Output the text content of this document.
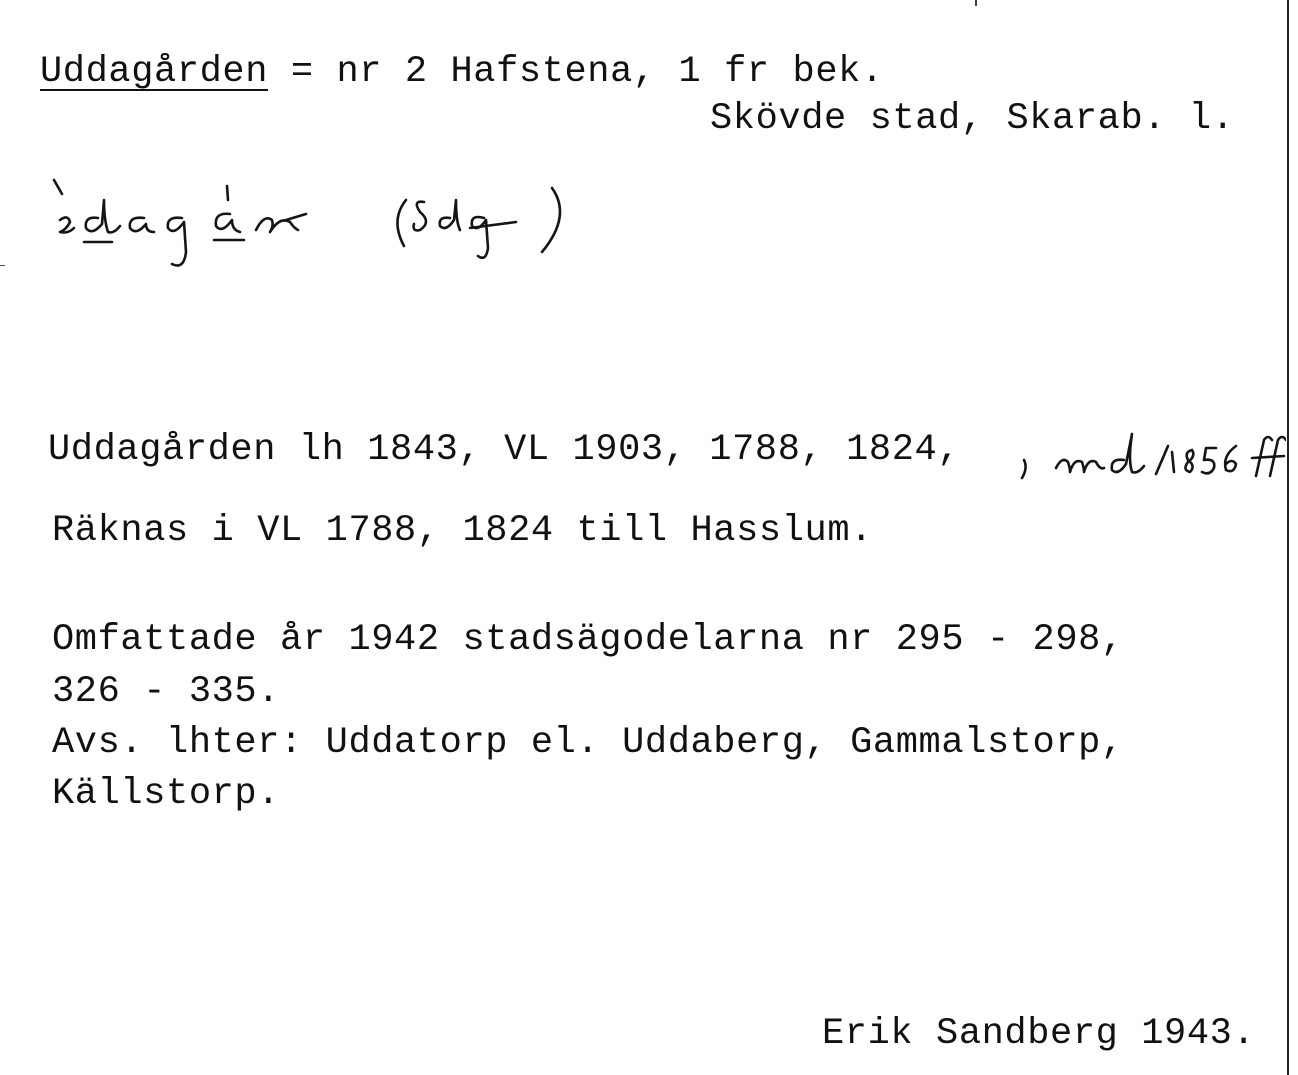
Uddagården = nr 2 Hafstena, 1 fr bek.
Skövde stad, Skarab. l.
Uddagården lh 1843, VL 1903, 1788, 1824,
Räknas i VL 1788, 1824 till Hasslum.
Omfattade år 1942 stadsägodelarna nr 295 - 298,
326 - 335.
Avs. lhter: Uddatorp el. Uddaberg, Gammalstorp,
Källstorp.
Erik Sandberg 1943.
